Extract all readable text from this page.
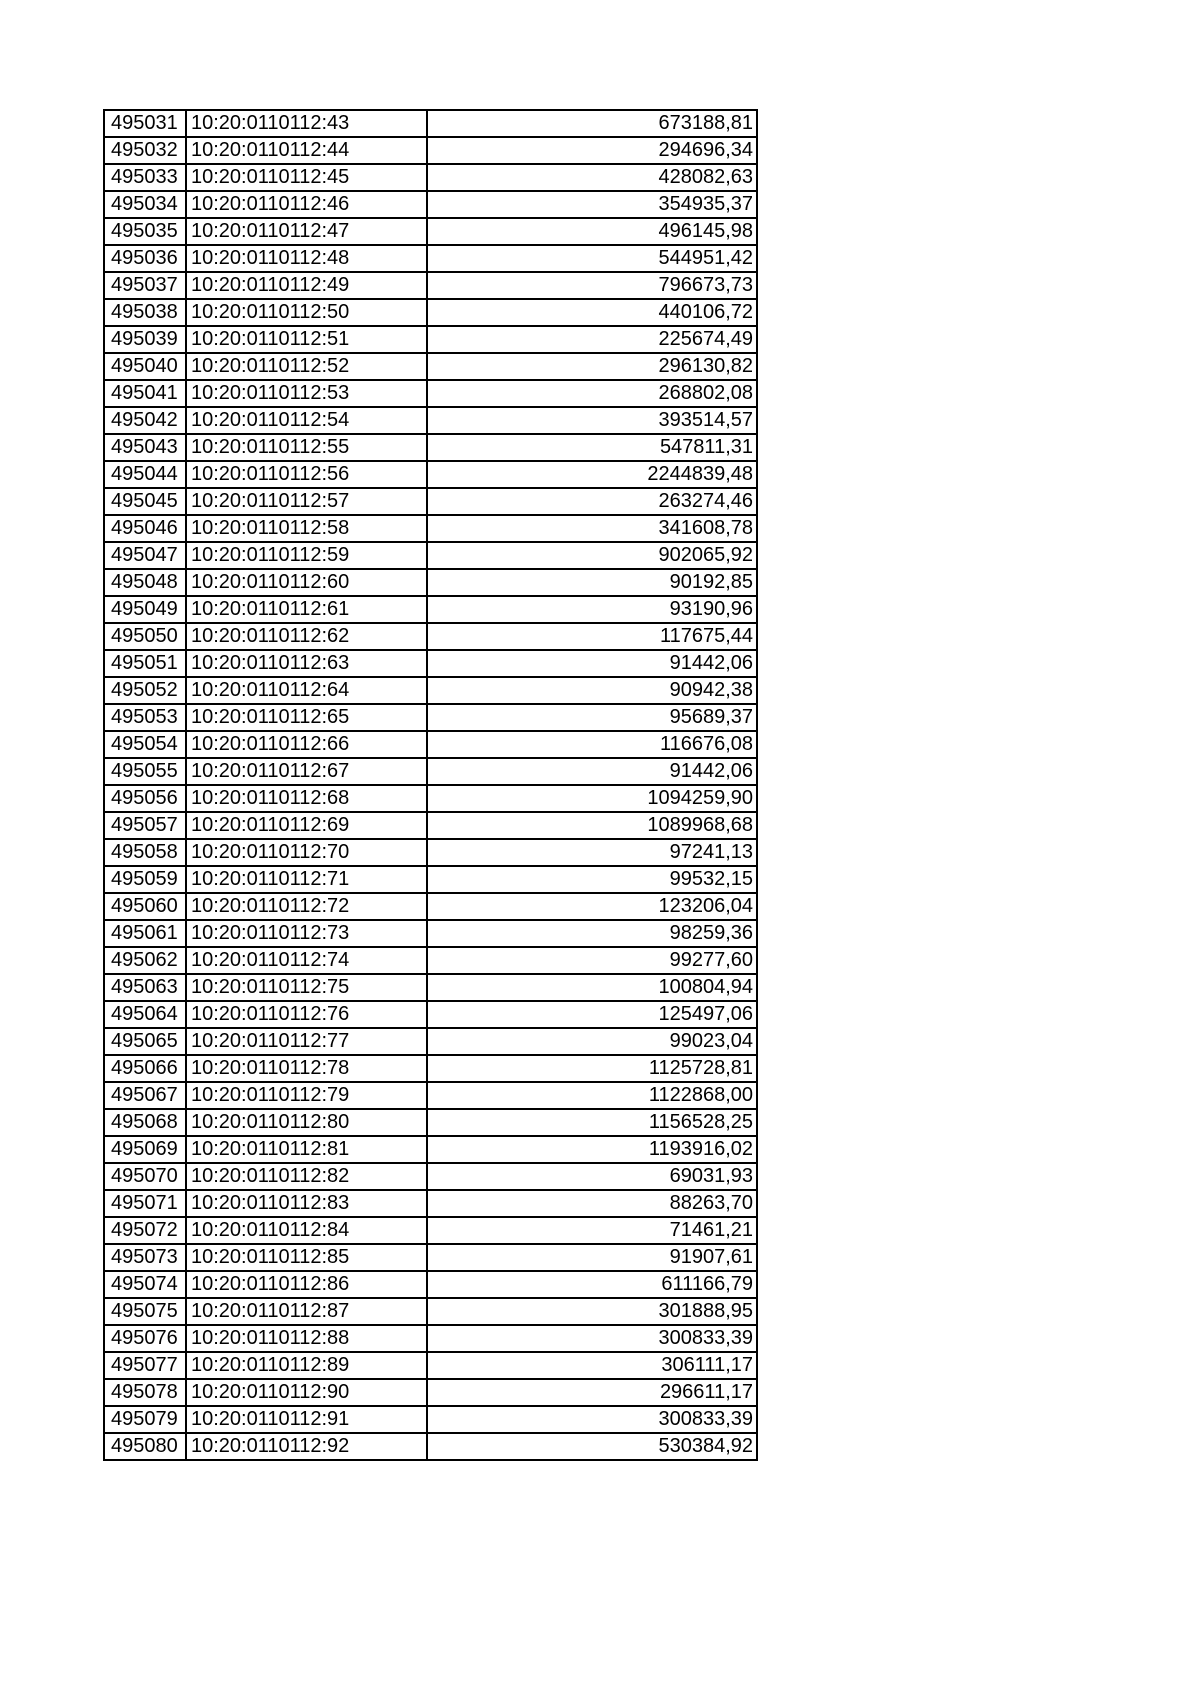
495031	10:20:0110112:43	673188,81
495032	10:20:0110112:44	294696,34
495033	10:20:0110112:45	428082,63
495034	10:20:0110112:46	354935,37
495035	10:20:0110112:47	496145,98
495036	10:20:0110112:48	544951,42
495037	10:20:0110112:49	796673,73
495038	10:20:0110112:50	440106,72
495039	10:20:0110112:51	225674,49
495040	10:20:0110112:52	296130,82
495041	10:20:0110112:53	268802,08
495042	10:20:0110112:54	393514,57
495043	10:20:0110112:55	547811,31
495044	10:20:0110112:56	2244839,48
495045	10:20:0110112:57	263274,46
495046	10:20:0110112:58	341608,78
495047	10:20:0110112:59	902065,92
495048	10:20:0110112:60	90192,85
495049	10:20:0110112:61	93190,96
495050	10:20:0110112:62	117675,44
495051	10:20:0110112:63	91442,06
495052	10:20:0110112:64	90942,38
495053	10:20:0110112:65	95689,37
495054	10:20:0110112:66	116676,08
495055	10:20:0110112:67	91442,06
495056	10:20:0110112:68	1094259,90
495057	10:20:0110112:69	1089968,68
495058	10:20:0110112:70	97241,13
495059	10:20:0110112:71	99532,15
495060	10:20:0110112:72	123206,04
495061	10:20:0110112:73	98259,36
495062	10:20:0110112:74	99277,60
495063	10:20:0110112:75	100804,94
495064	10:20:0110112:76	125497,06
495065	10:20:0110112:77	99023,04
495066	10:20:0110112:78	1125728,81
495067	10:20:0110112:79	1122868,00
495068	10:20:0110112:80	1156528,25
495069	10:20:0110112:81	1193916,02
495070	10:20:0110112:82	69031,93
495071	10:20:0110112:83	88263,70
495072	10:20:0110112:84	71461,21
495073	10:20:0110112:85	91907,61
495074	10:20:0110112:86	611166,79
495075	10:20:0110112:87	301888,95
495076	10:20:0110112:88	300833,39
495077	10:20:0110112:89	306111,17
495078	10:20:0110112:90	296611,17
495079	10:20:0110112:91	300833,39
495080	10:20:0110112:92	530384,92
